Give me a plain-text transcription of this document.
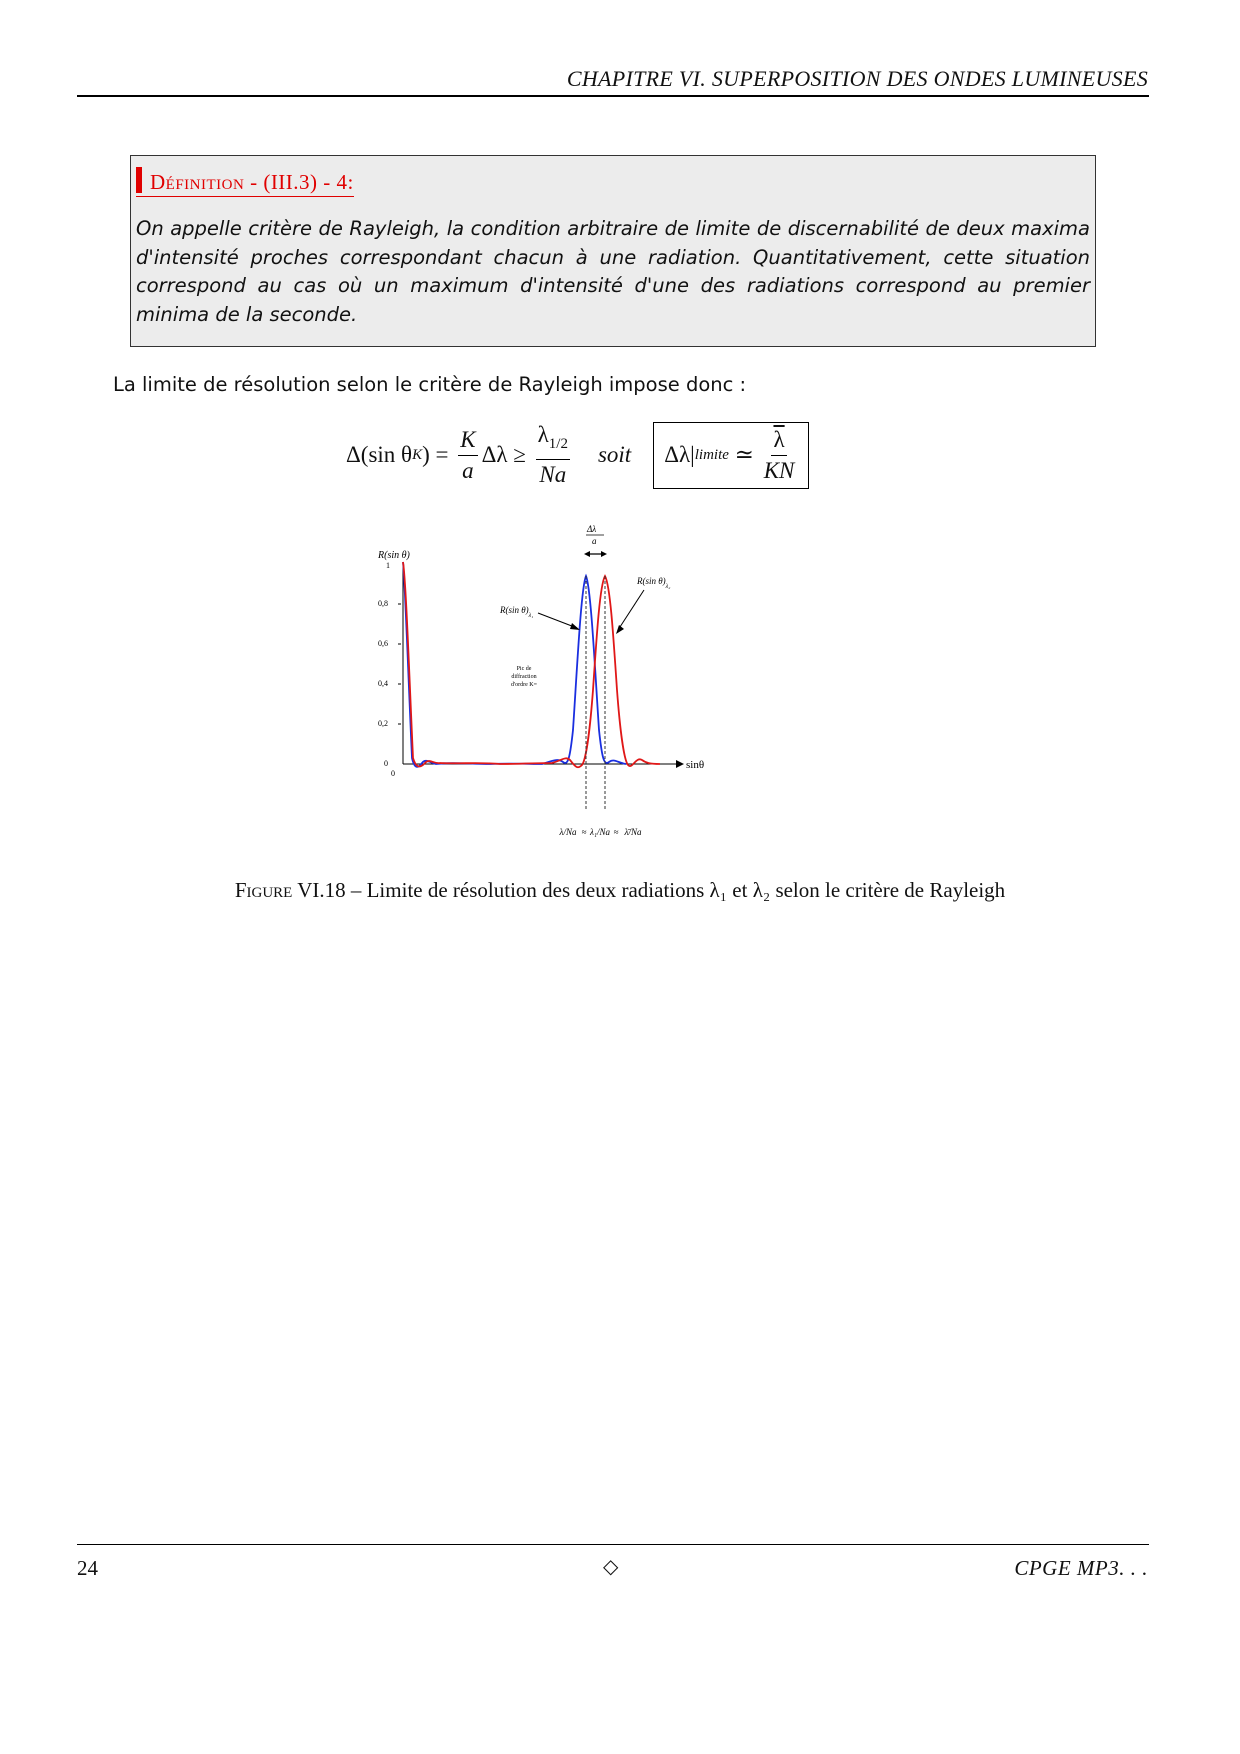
CHAPITRE VI. SUPERPOSITION DES ONDES LUMINEUSES
Définition - (III.3) - 4:
On appelle critère de Rayleigh, la condition arbitraire de limite de discernabilité de deux maxima d'intensité proches correspondant chacun à une radiation. Quantitativement, cette situation correspond au cas où un maximum d'intensité d'une des radiations correspond au premier minima de la seconde.
La limite de résolution selon le critère de Rayleigh impose donc :
Δ(sin θ K ) = $\frac{K}{a}$ $\Delta\lambda \ge \frac{\lambda_{1/2}}{Na}$ soit Δλ| limite ≃ $\frac{\overline{\lambda}}{KN}$
R(sin θ)
1
0,8
0,6
0,4
0,2
0
0
sinθ
Δλ
a
R(sin $\theta)_{\lambda_1}$
R(sin $\theta)_{\lambda_2}$
Pic de
diffraction
d'ordre K=
λ/Na ≈ λ₁/Na ≈ λ̄/Na
Figure VI.18 – Limite de résolution des deux radiations λ₁ et λ₂ selon le critère de Rayleigh
24	◇	CPGE MP3. . .
